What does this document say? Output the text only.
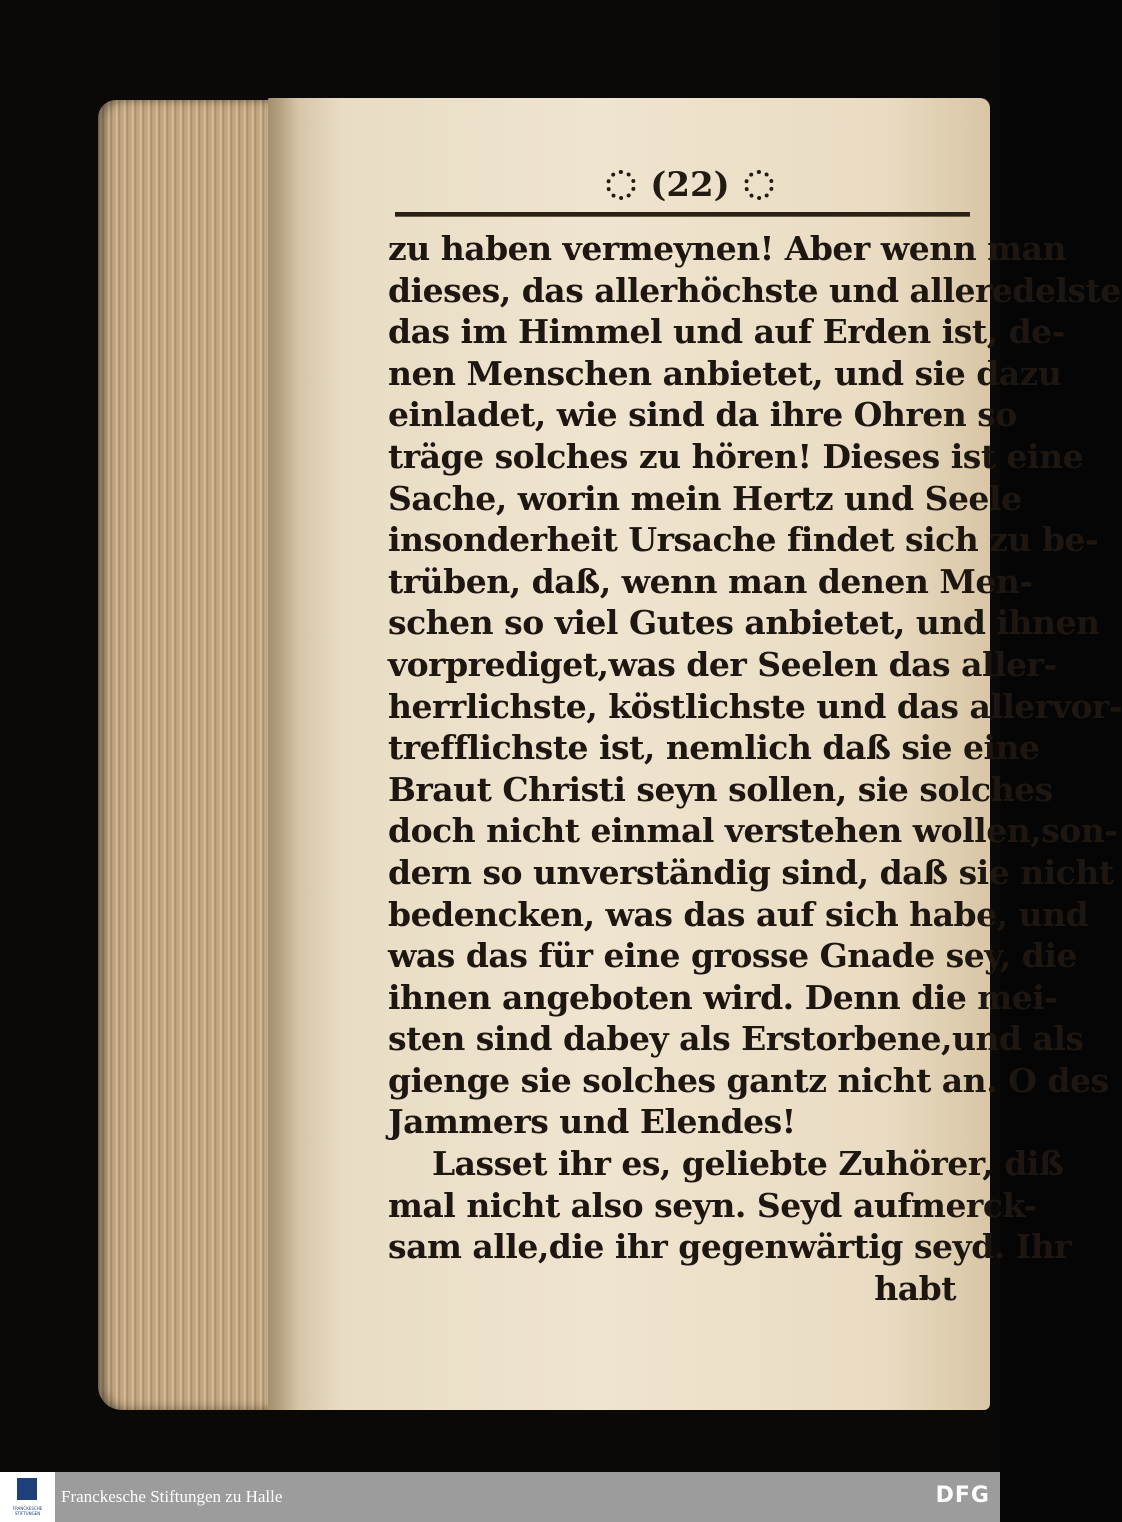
(22)
zu haben vermeynen! Aber wenn man
dieses, das allerhöchste und alleredelste
das im Himmel und auf Erden ist, de-
nen Menschen anbietet, und sie dazu
einladet, wie sind da ihre Ohren so
träge solches zu hören! Dieses ist eine
Sache, worin mein Hertz und Seele
insonderheit Ursache findet sich zu be-
trüben, daß, wenn man denen Men-
schen so viel Gutes anbietet, und ihnen
vorprediget,was der Seelen das aller-
herrlichste, köstlichste und das allervor-
trefflichste ist, nemlich daß sie eine
Braut Christi seyn sollen, sie solches
doch nicht einmal verstehen wollen,son-
dern so unverständig sind, daß sie nicht
bedencken, was das auf sich habe, und
was das für eine grosse Gnade sey, die
ihnen angeboten wird. Denn die mei-
sten sind dabey als Erstorbene,und als
gienge sie solches gantz nicht an. O des
Jammers und Elendes!
Lasset ihr es, geliebte Zuhörer, diß
mal nicht also seyn. Seyd aufmerck-
sam alle,die ihr gegenwärtig seyd. Ihr
habt
FRANCKESCHE STIFTUNGEN
Franckesche Stiftungen zu Halle	DFG
